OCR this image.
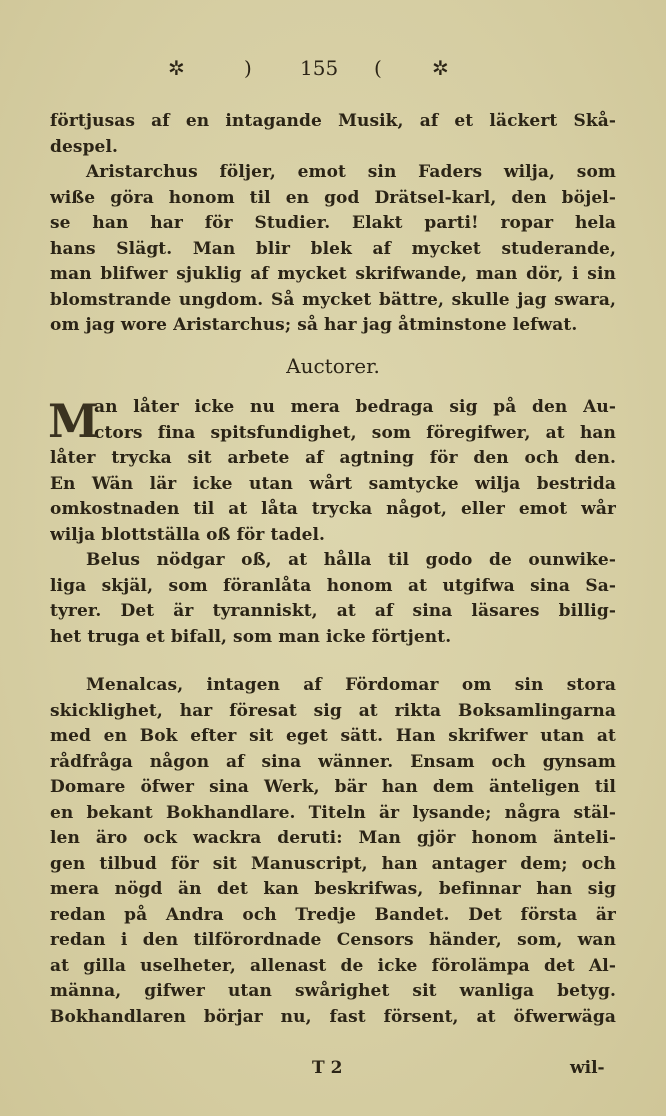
✲	) 155 (	✲
förtjusas af en intagande Musik, af et läckert Skå-
despel.
Aristarchus följer, emot sin Faders wilja, som
wiße göra honom til en god Drätsel-karl, den böjel-
se han har för Studier. Elakt parti! ropar hela
hans Slägt. Man blir blek af mycket studerande,
man blifwer sjuklig af mycket skrifwande, man dör, i sin
blomstrande ungdom. Så mycket bättre, skulle jag swara,
om jag wore Aristarchus; så har jag åtminstone lefwat.
Auctorer.
M
an låter icke nu mera bedraga sig på den Au-
ctors fina spitsfundighet, som föregifwer, at han
låter trycka sit arbete af agtning för den och den.
En Wän lär icke utan wårt samtycke wilja bestrida
omkostnaden til at låta trycka något, eller emot wår
wilja blottställa oß för tadel.
Belus nödgar oß, at hålla til godo de ounwike-
liga skjäl, som föranlåta honom at utgifwa sina Sa-
tyrer. Det är tyranniskt, at af sina läsares billig-
het truga et bifall, som man icke förtjent.
Menalcas, intagen af Fördomar om sin stora
skicklighet, har föresat sig at rikta Boksamlingarna
med en Bok efter sit eget sätt. Han skrifwer utan at
rådfråga någon af sina wänner. Ensam och gynsam
Domare öfwer sina Werk, bär han dem änteligen til
en bekant Bokhandlare. Titeln är lysande; några stäl-
len äro ock wackra deruti: Man gjör honom änteli-
gen tilbud för sit Manuscript, han antager dem; och
mera nögd än det kan beskrifwas, befinnar han sig
redan på Andra och Tredje Bandet. Det första är
redan i den tilförordnade Censors händer, som, wan
at gilla uselheter, allenast de icke förolämpa det Al-
männa, gifwer utan swårighet sit wanliga betyg.
Bokhandlaren börjar nu, fast försent, at öfwerwäga
T 2	wil-
